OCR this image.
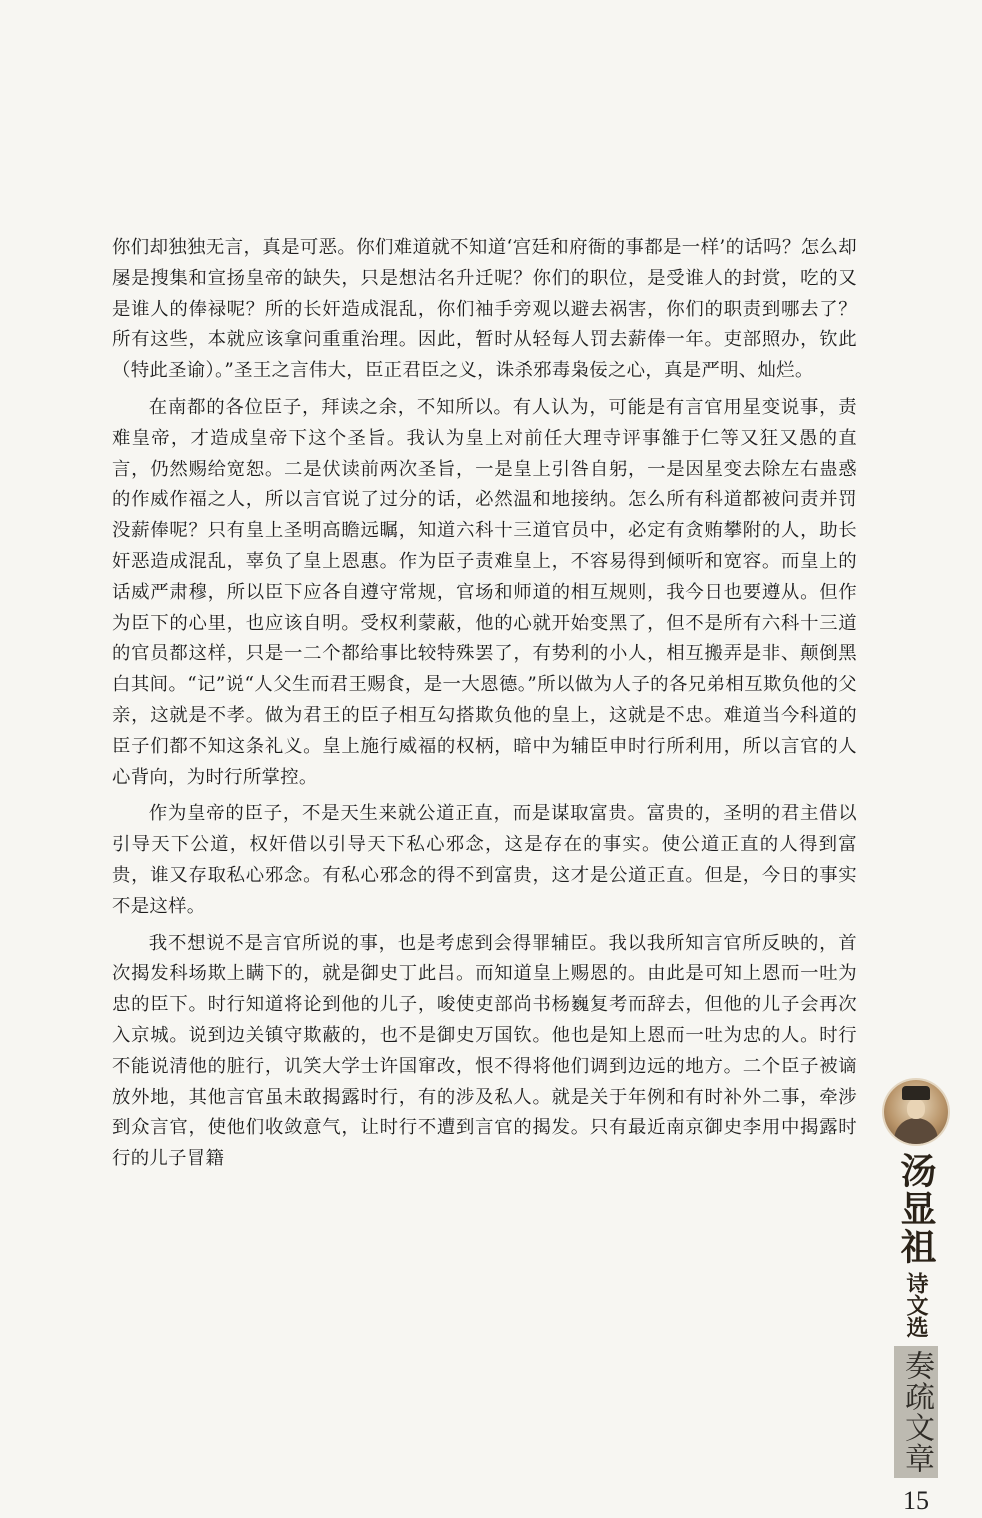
你们却独独无言，真是可恶。你们难道就不知道‘宫廷和府衙的事都是一样’的话吗？怎么却屡是搜集和宣扬皇帝的缺失，只是想沽名升迁呢？你们的职位，是受谁人的封赏，吃的又是谁人的俸禄呢？所的长奸造成混乱，你们袖手旁观以避去祸害，你们的职责到哪去了？所有这些，本就应该拿问重重治理。因此，暂时从轻每人罚去薪俸一年。吏部照办，钦此（特此圣谕）。”圣王之言伟大，臣正君臣之义，诛杀邪毒枭佞之心，真是严明、灿烂。

在南都的各位臣子，拜读之余，不知所以。有人认为，可能是有言官用星变说事，责难皇帝，才造成皇帝下这个圣旨。我认为皇上对前任大理寺评事雒于仁等又狂又愚的直言，仍然赐给宽恕。二是伏读前两次圣旨，一是皇上引咎自躬，一是因星变去除左右蛊惑的作威作福之人，所以言官说了过分的话，必然温和地接纳。怎么所有科道都被问责并罚没薪俸呢？只有皇上圣明高瞻远瞩，知道六科十三道官员中，必定有贪贿攀附的人，助长奸恶造成混乱，辜负了皇上恩惠。作为臣子责难皇上，不容易得到倾听和宽容。而皇上的话威严肃穆，所以臣下应各自遵守常规，官场和师道的相互规则，我今日也要遵从。但作为臣下的心里，也应该自明。受权利蒙蔽，他的心就开始变黑了，但不是所有六科十三道的官员都这样，只是一二个都给事比较特殊罢了，有势利的小人，相互搬弄是非、颠倒黑白其间。“记”说“人父生而君王赐食，是一大恩德。”所以做为人子的各兄弟相互欺负他的父亲，这就是不孝。做为君王的臣子相互勾搭欺负他的皇上，这就是不忠。难道当今科道的臣子们都不知这条礼义。皇上施行威福的权柄，暗中为辅臣申时行所利用，所以言官的人心背向，为时行所掌控。

作为皇帝的臣子，不是天生来就公道正直，而是谋取富贵。富贵的，圣明的君主借以引导天下公道，权奸借以引导天下私心邪念，这是存在的事实。使公道正直的人得到富贵，谁又存取私心邪念。有私心邪念的得不到富贵，这才是公道正直。但是，今日的事实不是这样。

我不想说不是言官所说的事，也是考虑到会得罪辅臣。我以我所知言官所反映的，首次揭发科场欺上瞒下的，就是御史丁此吕。而知道皇上赐恩的。由此是可知上恩而一吐为忠的臣下。时行知道将论到他的儿子，唆使吏部尚书杨巍复考而辞去，但他的儿子会再次入京城。说到边关镇守欺蔽的，也不是御史万国钦。他也是知上恩而一吐为忠的人。时行不能说清他的脏行，讥笑大学士许国窜改，恨不得将他们调到边远的地方。二个臣子被谪放外地，其他言官虽未敢揭露时行，有的涉及私人。就是关于年例和有时补外二事，牵涉到众言官，使他们收敛意气，让时行不遭到言官的揭发。只有最近南京御史李用中揭露时行的儿子冒籍	汤显祖
诗文选
奏疏文章
15
